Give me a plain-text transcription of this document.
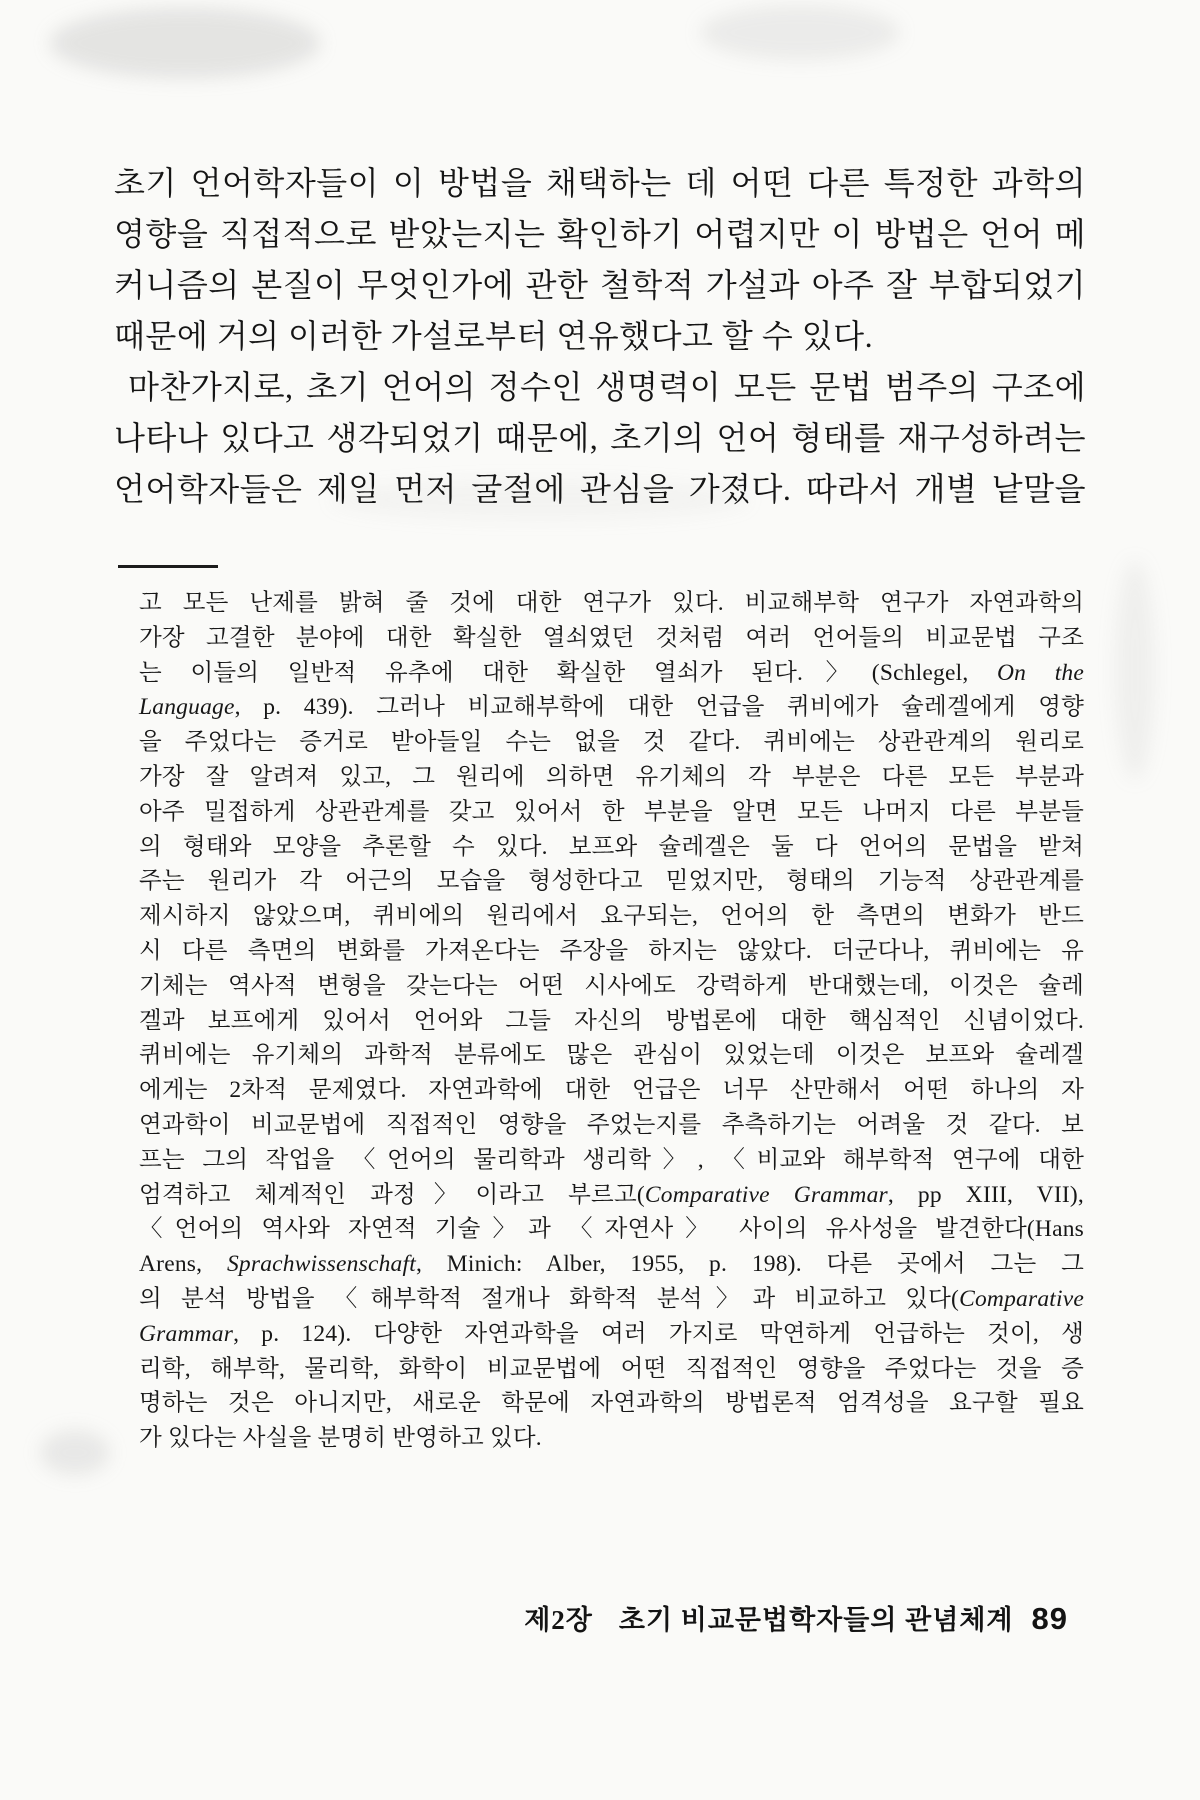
초기 언어학자들이 이 방법을 채택하는 데 어떤 다른 특정한 과학의
영향을 직접적으로 받았는지는 확인하기 어렵지만 이 방법은 언어 메
커니즘의 본질이 무엇인가에 관한 철학적 가설과 아주 잘 부합되었기
때문에 거의 이러한 가설로부터 연유했다고 할 수 있다.
마찬가지로, 초기 언어의 정수인 생명력이 모든 문법 범주의 구조에
나타나 있다고 생각되었기 때문에, 초기의 언어 형태를 재구성하려는
언어학자들은 제일 먼저 굴절에 관심을 가졌다. 따라서 개별 낱말을
고 모든 난제를 밝혀 줄 것에 대한 연구가 있다. 비교해부학 연구가 자연과학의
가장 고결한 분야에 대한 확실한 열쇠였던 것처럼 여러 언어들의 비교문법 구조
는 이들의 일반적 유추에 대한 확실한 열쇠가 된다.〉(Schlegel, On the
Language, p. 439). 그러나 비교해부학에 대한 언급을 퀴비에가 슐레겔에게 영향
을 주었다는 증거로 받아들일 수는 없을 것 같다. 퀴비에는 상관관계의 원리로
가장 잘 알려져 있고, 그 원리에 의하면 유기체의 각 부분은 다른 모든 부분과
아주 밀접하게 상관관계를 갖고 있어서 한 부분을 알면 모든 나머지 다른 부분들
의 형태와 모양을 추론할 수 있다. 보프와 슐레겔은 둘 다 언어의 문법을 받쳐
주는 원리가 각 어근의 모습을 형성한다고 믿었지만, 형태의 기능적 상관관계를
제시하지 않았으며, 퀴비에의 원리에서 요구되는, 언어의 한 측면의 변화가 반드
시 다른 측면의 변화를 가져온다는 주장을 하지는 않았다. 더군다나, 퀴비에는 유
기체는 역사적 변형을 갖는다는 어떤 시사에도 강력하게 반대했는데, 이것은 슐레
겔과 보프에게 있어서 언어와 그들 자신의 방법론에 대한 핵심적인 신념이었다.
퀴비에는 유기체의 과학적 분류에도 많은 관심이 있었는데 이것은 보프와 슐레겔
에게는 2차적 문제였다. 자연과학에 대한 언급은 너무 산만해서 어떤 하나의 자
연과학이 비교문법에 직접적인 영향을 주었는지를 추측하기는 어려울 것 같다. 보
프는 그의 작업을 〈언어의 물리학과 생리학〉, 〈비교와 해부학적 연구에 대한
엄격하고 체계적인 과정〉이라고 부르고(Comparative Grammar, pp XIII, VII),
〈언어의 역사와 자연적 기술〉과 〈자연사〉 사이의 유사성을 발견한다(Hans
Arens, Sprachwissenschaft, Minich: Alber, 1955, p. 198). 다른 곳에서 그는 그
의 분석 방법을 〈해부학적 절개나 화학적 분석〉과 비교하고 있다(Comparative
Grammar, p. 124). 다양한 자연과학을 여러 가지로 막연하게 언급하는 것이, 생
리학, 해부학, 물리학, 화학이 비교문법에 어떤 직접적인 영향을 주었다는 것을 증
명하는 것은 아니지만, 새로운 학문에 자연과학의 방법론적 엄격성을 요구할 필요
가 있다는 사실을 분명히 반영하고 있다.
제2장 초기 비교문법학자들의 관념체계 89
